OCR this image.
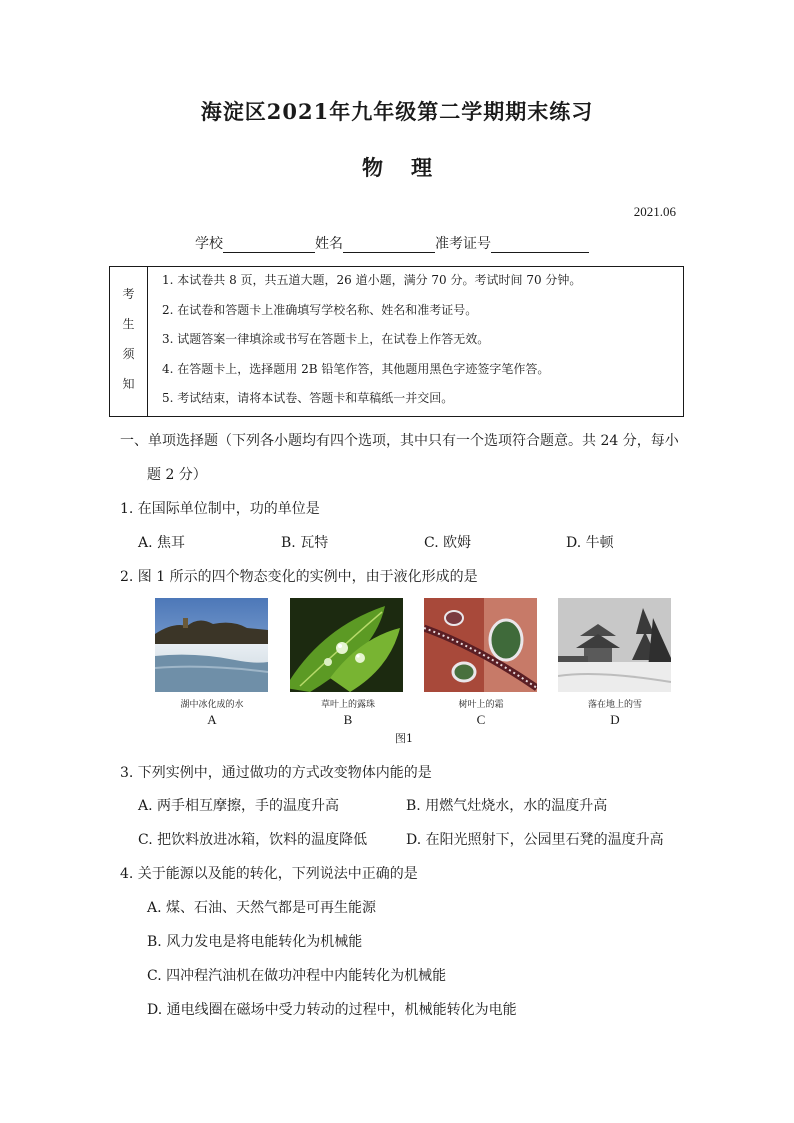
海淀区2021年九年级第二学期期末练习
物 理
2021.06
学校	姓名	准考证号
考
生
须
知
1. 本试卷共 8 页，共五道大题，26 道小题，满分 70 分。考试时间 70 分钟。
2. 在试卷和答题卡上准确填写学校名称、姓名和准考证号。
3. 试题答案一律填涂或书写在答题卡上，在试卷上作答无效。
4. 在答题卡上，选择题用 2B 铅笔作答，其他题用黑色字迹签字笔作答。
5. 考试结束，请将本试卷、答题卡和草稿纸一并交回。
一、单项选择题（下列各小题均有四个选项，其中只有一个选项符合题意。共 24 分，每小
题 2 分）
1. 在国际单位制中，功的单位是
A. 焦耳	B. 瓦特	C. 欧姆	D. 牛顿
2. 图 1 所示的四个物态变化的实例中，由于液化形成的是
湖中冰化成的水	草叶上的露珠	树叶上的霜	落在地上的雪
A	B	C	D
图1
3. 下列实例中，通过做功的方式改变物体内能的是
A. 两手相互摩擦，手的温度升高	B. 用燃气灶烧水，水的温度升高
C. 把饮料放进冰箱，饮料的温度降低	D. 在阳光照射下，公园里石凳的温度升高
4. 关于能源以及能的转化，下列说法中正确的是
A. 煤、石油、天然气都是可再生能源
B. 风力发电是将电能转化为机械能
C. 四冲程汽油机在做功冲程中内能转化为机械能
D. 通电线圈在磁场中受力转动的过程中，机械能转化为电能
